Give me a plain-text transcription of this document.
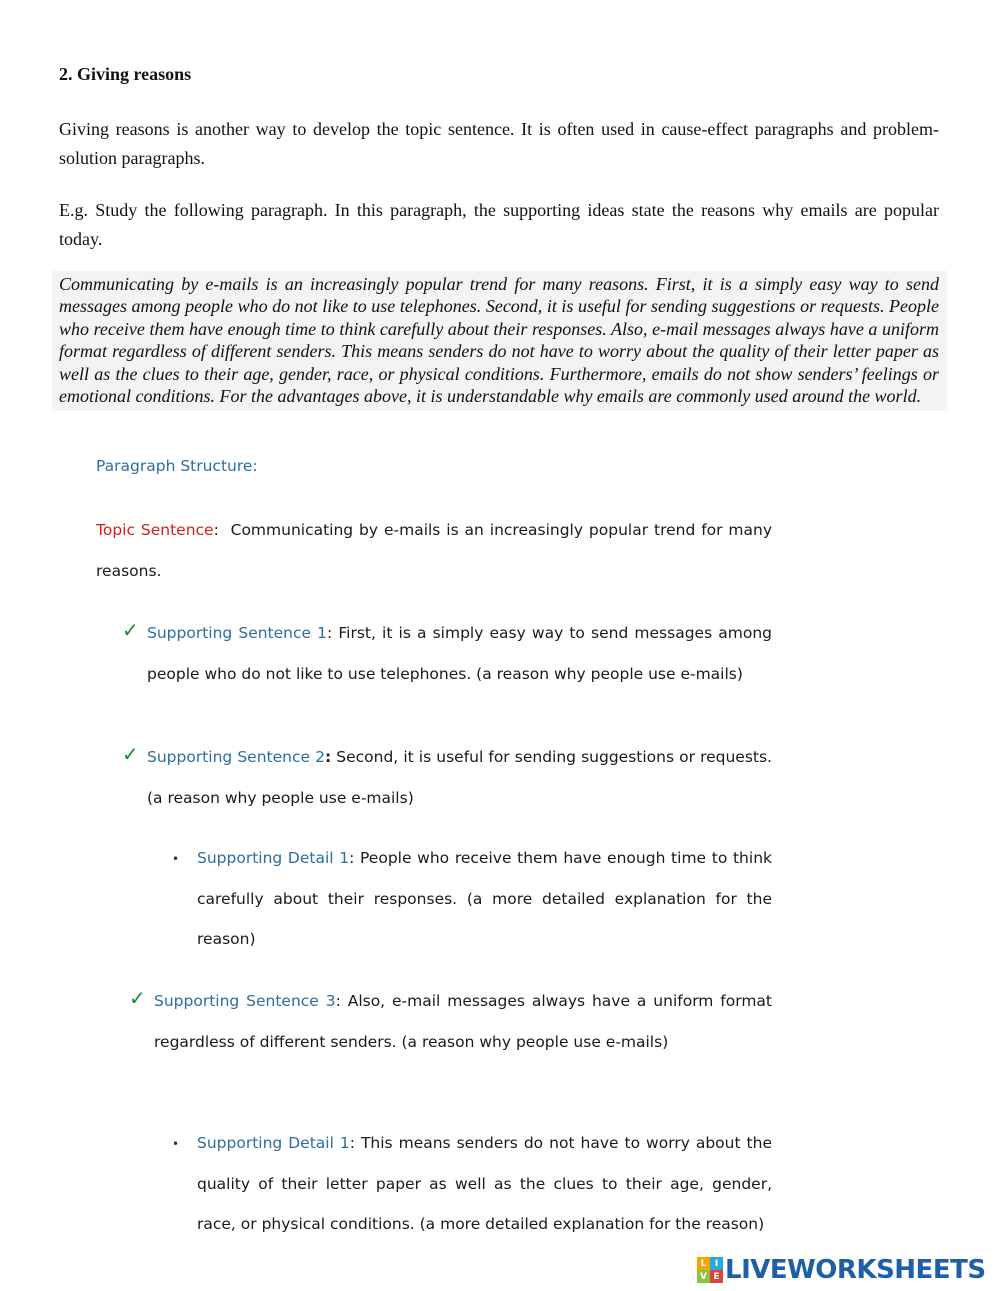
2. Giving reasons

Giving reasons is another way to develop the topic sentence. It is often used in cause-effect paragraphs and problem-solution paragraphs.

E.g. Study the following paragraph. In this paragraph, the supporting ideas state the reasons why emails are popular today.

Communicating by e-mails is an increasingly popular trend for many reasons. First, it is a simply easy way to send messages among people who do not like to use telephones. Second, it is useful for sending suggestions or requests. People who receive them have enough time to think carefully about their responses. Also, e-mail messages always have a uniform format regardless of different senders. This means senders do not have to worry about the quality of their letter paper as well as the clues to their age, gender, race, or physical conditions. Furthermore, emails do not show senders’ feelings or emotional conditions. For the advantages above, it is understandable why emails are commonly used around the world.

Paragraph Structure:

Topic Sentence:  Communicating by e-mails is an increasingly popular trend for many reasons.

✓ Supporting Sentence 1: First, it is a simply easy way to send messages among people who do not like to use telephones. (a reason why people use e-mails)

✓ Supporting Sentence 2: Second, it is useful for sending suggestions or requests. (a reason why people use e-mails)

• Supporting Detail 1: People who receive them have enough time to think carefully about their responses. (a more detailed explanation for the reason)

✓ Supporting Sentence 3: Also, e-mail messages always have a uniform format regardless of different senders. (a reason why people use e-mails)

• Supporting Detail 1: This means senders do not have to worry about the quality of their letter paper as well as the clues to their age, gender, race, or physical conditions. (a more detailed explanation for the reason)

L I
V E LIVEWORKSHEETS
